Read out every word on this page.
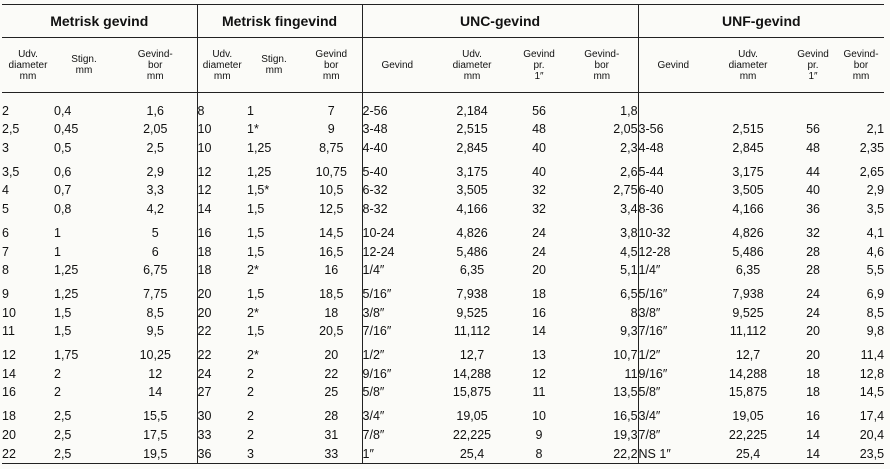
Metrisk gevind			Metrisk fingevind			UNC-gevind				UNF-gevind			
Udv.
diameter
mm	Stign.
mm	Gevind-
bor
mm	Udv.
diameter
mm	Stign.
mm	Gevind
bor
mm	Gevind	Udv.
diameter
mm	Gevind
pr.
1″	Gevind-
bor
mm	Gevind	Udv.
diameter
mm	Gevind
pr.
1″	Gevind-
bor
mm

2	0,4	1,6	8	1	7	2-56	2,184	56	1,8				
2,5	0,45	2,05	10	1*	9	3-48	2,515	48	2,05	3-56	2,515	56	2,1
3	0,5	2,5	10	1,25	8,75	4-40	2,845	40	2,3	4-48	2,845	48	2,35

3,5	0,6	2,9	12	1,25	10,75	5-40	3,175	40	2,6	5-44	3,175	44	2,65
4	0,7	3,3	12	1,5*	10,5	6-32	3,505	32	2,75	6-40	3,505	40	2,9
5	0,8	4,2	14	1,5	12,5	8-32	4,166	32	3,4	8-36	4,166	36	3,5

6	1	5	16	1,5	14,5	10-24	4,826	24	3,8	10-32	4,826	32	4,1
7	1	6	18	1,5	16,5	12-24	5,486	24	4,5	12-28	5,486	28	4,6
8	1,25	6,75	18	2*	16	1/4″	6,35	20	5,1	1/4″	6,35	28	5,5

9	1,25	7,75	20	1,5	18,5	5/16″	7,938	18	6,5	5/16″	7,938	24	6,9
10	1,5	8,5	20	2*	18	3/8″	9,525	16	8	3/8″	9,525	24	8,5
11	1,5	9,5	22	1,5	20,5	7/16″	11,112	14	9,3	7/16″	11,112	20	9,8

12	1,75	10,25	22	2*	20	1/2″	12,7	13	10,7	1/2″	12,7	20	11,4
14	2	12	24	2	22	9/16″	14,288	12	11	9/16″	14,288	18	12,8
16	2	14	27	2	25	5/8″	15,875	11	13,5	5/8″	15,875	18	14,5

18	2,5	15,5	30	2	28	3/4″	19,05	10	16,5	3/4″	19,05	16	17,4
20	2,5	17,5	33	2	31	7/8″	22,225	9	19,3	7/8″	22,225	14	20,4
22	2,5	19,5	36	3	33	1″	25,4	8	22,2	NS 1″	25,4	14	23,5
